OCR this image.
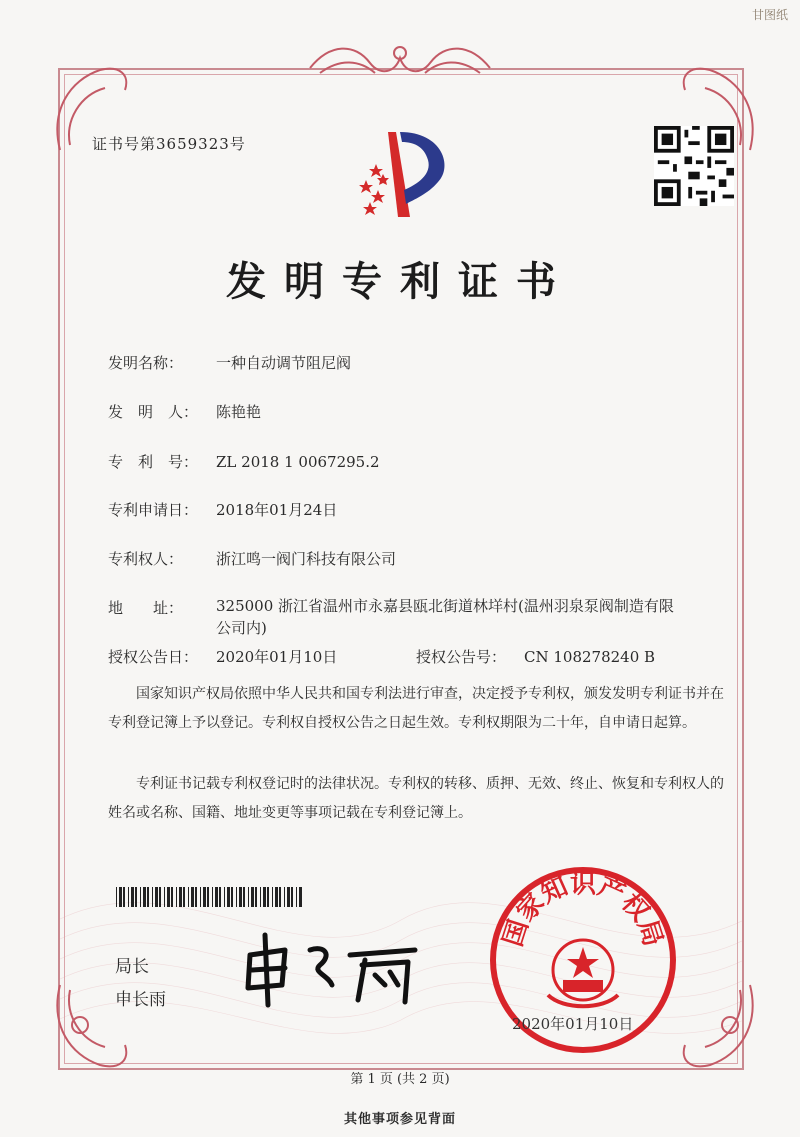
甘图纸
证书号第3659323号
发明专利证书
发明名称： 一种自动调节阻尼阀
发　明　人： 陈艳艳
专　利　号： ZL 2018 1 0067295.2
专利申请日： 2018年01月24日
专利权人： 浙江鸣一阀门科技有限公司
地　　址：	325000 浙江省温州市永嘉县瓯北街道林垟村(温州羽泉泵阀制造有限公司内)
授权公告日： 2020年01月10日	授权公告号： CN 108278240 B
国家知识产权局依照中华人民共和国专利法进行审查，决定授予专利权，颁发发明专利证书并在专利登记簿上予以登记。专利权自授权公告之日起生效。专利权期限为二十年，自申请日起算。
专利证书记载专利权登记时的法律状况。专利权的转移、质押、无效、终止、恢复和专利权人的姓名或名称、国籍、地址变更等事项记载在专利登记簿上。
局长
申长雨
国家知识产权局
2020年01月10日
第 1 页 (共 2 页)
其他事项参见背面
